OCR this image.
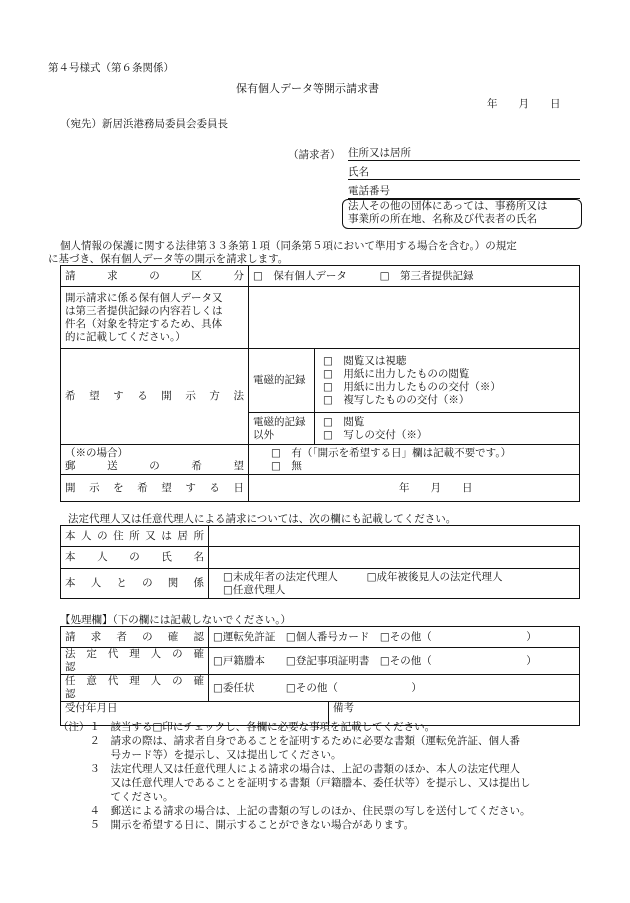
第４号様式（第６条関係）
保有個人データ等開示請求書
年　　月　　日
（宛先）新居浜港務局委員会委員長
（請求者） 住所又は居所
氏名
電話番号
法人その他の団体にあっては、事務所又は
事業所の所在地、名称及び代表者の氏名
個人情報の保護に関する法律第３３条第１項（同条第５項において準用する場合を含む。）の規定
に基づき、保有個人データ等の開示を請求します。
請　求　の　区　分	□　保有個人データ □　第三者提供記録	

開示請求に係る保有個人データ又
は第三者提供記録の内容若しくは
件名（対象を特定するため、具体
的に記載してください。）		

希　望　す　る　開　示　方　法	電磁的記録	□　閲覧又は視聴
□　用紙に出力したものの閲覧
□　用紙に出力したものの交付（※）
□　複写したものの交付（※）

	電磁的記録
以外	□　閲覧
□　写しの交付（※）

（※の場合）
郵　送　の　希　望	□　有（「開示を希望する日」欄は記載不要です。）
□　無	

開　示　を　希　望　す　る　日	年　　月　　日	
法定代理人又は任意代理人による請求については、次の欄にも記載してください。
本人の住所又は居所	
本　人　の　氏　名	
本　人　と　の　関　係	□未成年者の法定代理人 □成年被後見人の法定代理人
□任意代理人
【処理欄】（下の欄には記載しないでください。）
請　求　者　の　確　認	□運転免許証　□個人番号カード　□その他（　　　　　　　　　）	
法　定　代　理　人　の　確　認	□戸籍謄本　　□登記事項証明書　□その他（　　　　　　　　　）	
任　意　代　理　人　の　確　認	□委任状　　　□その他（　　　　　　　）	
受付年月日		備考

（注）１　該当する□印にチェックし、各欄に必要な事項を記載してください。

　　　２　請求の際は、請求者自身であることを証明するために必要な書類（運転免許証、個人番

　　　　　号カード等）を提示し、又は提出してください。

　　　３　法定代理人又は任意代理人による請求の場合は、上記の書類のほか、本人の法定代理人

　　　　　又は任意代理人であることを証明する書類（戸籍謄本、委任状等）を提示し、又は提出し

　　　　　てください。

　　　４　郵送による請求の場合は、上記の書類の写しのほか、住民票の写しを送付してください。

　　　５　開示を希望する日に、開示することができない場合があります。
